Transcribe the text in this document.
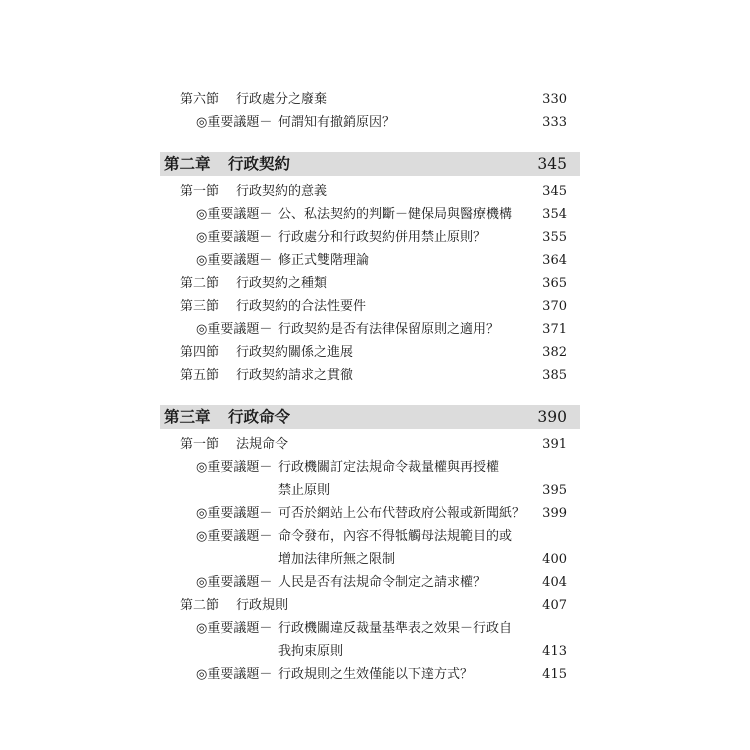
第六節 行政處分之廢棄	330
◎重要議題－ 何謂知有撤銷原因？	333
第二章 行政契約	345
第一節 行政契約的意義	345
◎重要議題－ 公、私法契約的判斷－健保局與醫療機構 354
◎重要議題－ 行政處分和行政契約併用禁止原則？	355
◎重要議題－ 修正式雙階理論	364
第二節 行政契約之種類	365
第三節 行政契約的合法性要件	370
◎重要議題－ 行政契約是否有法律保留原則之適用？	371
第四節 行政契約關係之進展	382
第五節 行政契約請求之貫徹	385
第三章 行政命令	390
第一節 法規命令	391
◎重要議題－ 行政機關訂定法規命令裁量權與再授權
禁止原則	395
◎重要議題－ 可否於網站上公布代替政府公報或新聞紙？ 399
◎重要議題－ 命令發布，內容不得牴觸母法規範目的或
增加法律所無之限制	400
◎重要議題－ 人民是否有法規命令制定之請求權？	404
第二節 行政規則	407
◎重要議題－ 行政機關違反裁量基準表之效果－行政自
我拘束原則	413
◎重要議題－ 行政規則之生效僅能以下達方式？	415
